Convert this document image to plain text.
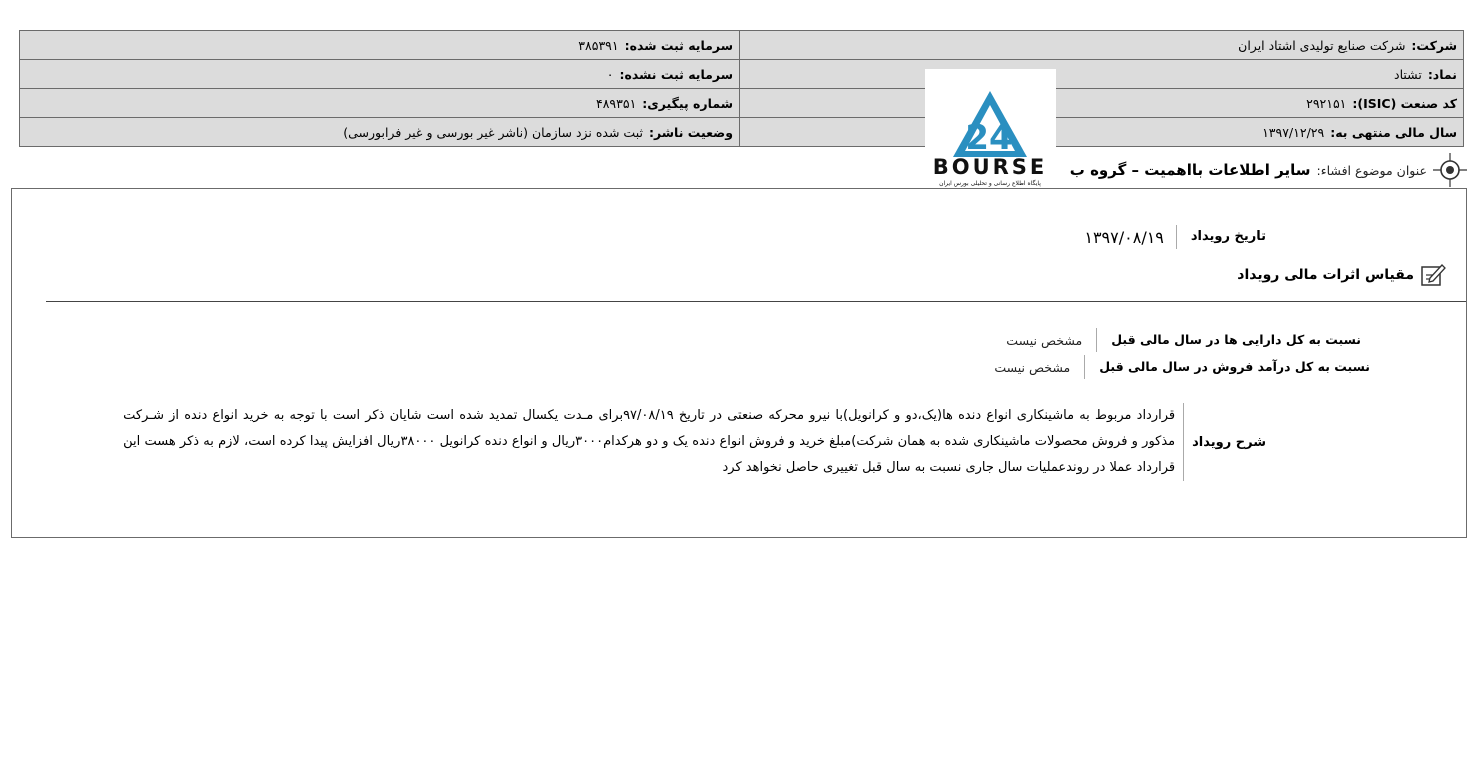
شرکت:شرکت صنایع تولیدی اشتاد ایران	سرمایه ثبت شده:۳۸۵۳۹۱
نماد:تشتاد	سرمایه ثبت نشده:۰
کد صنعت (ISIC):۲۹۲۱۵۱	شماره پیگیری:۴۸۹۳۵۱
سال مالی منتهی به:۱۳۹۷/۱۲/۲۹	وضعیت ناشر:ثبت شده نزد سازمان (ناشر غیر بورسی و غیر فرابورسی)	24
BOURSE
پایگاه اطلاع رسانی و تحلیلی بورس ایران
عنوان موضوع افشاء:
سایر اطلاعات بااهمیت – گروه ب
تاریخ رویداد
۱۳۹۷/۰۸/۱۹
مقیاس اثرات مالی رویداد
نسبت به کل دارایی ها در سال مالی قبل
مشخص نیست
نسبت به کل درآمد فروش در سال مالی قبل
مشخص نیست
شرح رویداد
قرارداد مربوط به ماشینکاری انواع دنده ها(یک،دو و کرانویل)با نیرو محرکه صنعتی در تاریخ ۹۷/۰۸/۱۹برای مـدت یکسال تمدید شده است شایان ذکر است با توجه به خرید انواع دنده از شـرکت مذکور و فروش محصولات ماشینکاری شده به همان شرکت)مبلغ خرید و فروش انواع دنده یک و دو هرکدام۳۰۰۰ریال و انواع دنده کرانویل ۳۸۰۰۰ریال افزایش پیدا کرده است، لازم به ذکر هست این قرارداد عملا در روندعملیات سال جاری نسبت به سال قبل تغییری حاصل نخواهد کرد
